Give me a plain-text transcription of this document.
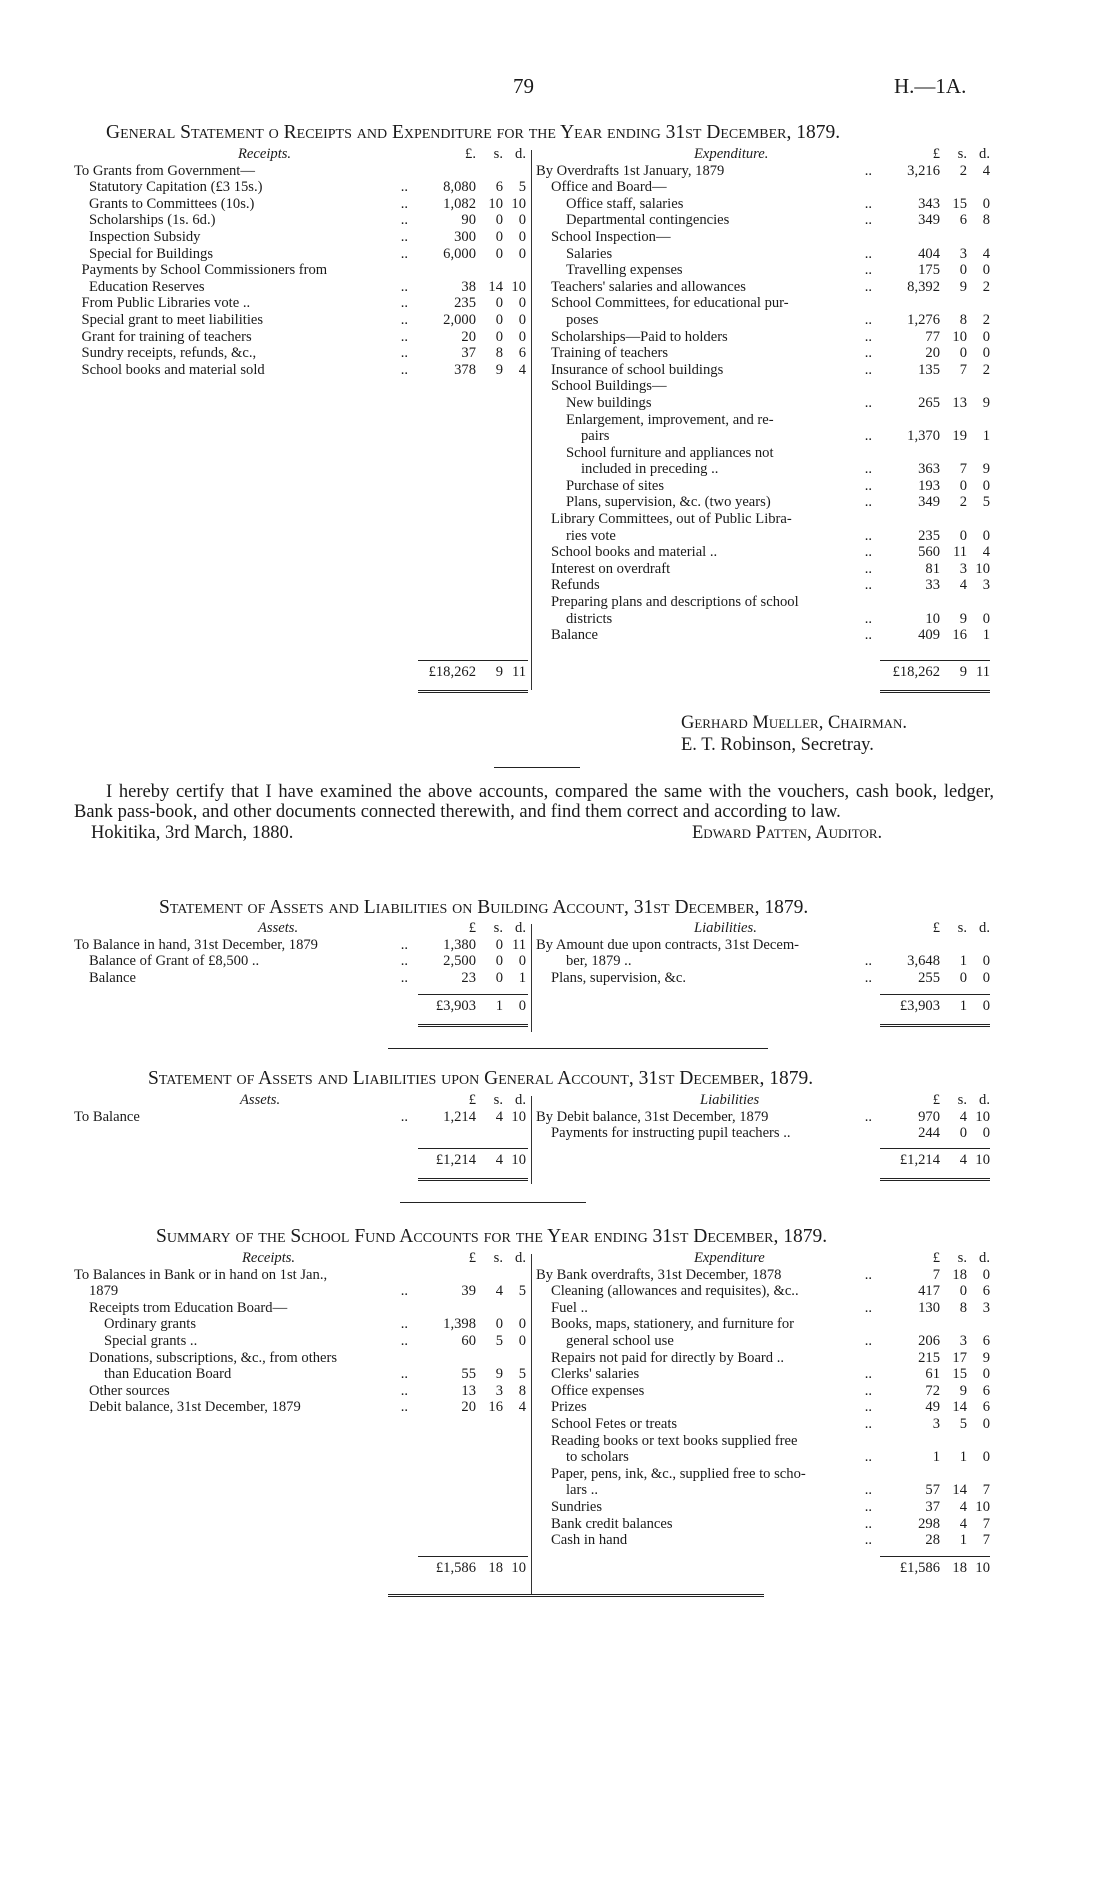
79	H.—1A.
General Statement o Receipts and Expenditure for the Year ending 31st December, 1879.
Receipts.	£.	s. d.
To Grants from Government—
Statutory Capitation (£3 15s.)	..	8,080	6	5
Grants to Committees (10s.)	..	1,082 10 10
Scholarships (1s. 6d.)	..	90	0	0
Inspection Subsidy	..	300	0	0
Special for Buildings	..	6,000	0	0
Payments by School Commissioners from
Education Reserves	..	38 14 10
From Public Libraries vote ..	..	235	0	0
Special grant to meet liabilities	..	2,000	0	0
Grant for training of teachers	..	20	0	0
Sundry receipts, refunds, &c.,	..	37	8	6
School books and material sold	..	378	9	4
Expenditure.	£	s. d.
By Overdrafts 1st January, 1879	..	3,216	2	4
Office and Board—
Office staff, salaries	..	343 15	0
Departmental contingencies	..	349	6	8
School Inspection—
Salaries	..	404	3	4
Travelling expenses	..	175	0	0
Teachers' salaries and allowances	..	8,392	9	2
School Committees, for educational pur-
poses	..	1,276	8	2
Scholarships—Paid to holders	..	77 10	0
Training of teachers	..	20	0	0
Insurance of school buildings	..	135	7	2
School Buildings—
New buildings	..	265 13	9
Enlargement, improvement, and re-
pairs	..	1,370 19	1
School furniture and appliances not
included in preceding ..	..	363	7	9
Purchase of sites	..	193	0	0
Plans, supervision, &c. (two years)	..	349	2	5
Library Committees, out of Public Libra-
ries vote	..	235	0	0
School books and material ..	..	560 11	4
Interest on overdraft	..	81	3 10
Refunds	..	33	4	3
Preparing plans and descriptions of school
districts	..	10	9	0
Balance	..	409 16	1
£18,262	9 11	£18,262	9 11
Gerhard Mueller, Chairman.
E. T. Robinson, Secretray.

I hereby certify that I have examined the above accounts, compared the same with the vouchers, cash book, ledger, Bank pass-book, and other documents connected therewith, and find them correct and according to law.

Hokitika, 3rd March, 1880.	Edward Patten, Auditor.
Statement of Assets and Liabilities on Building Account, 31st December, 1879.
Assets.	£	s. d.
To Balance in hand, 31st December, 1879	..	1,380	0 11
Balance of Grant of £8,500 ..	..	2,500	0	0
Balance	..	23	0	1
Liabilities.	£	s. d.
By Amount due upon contracts, 31st Decem-
ber, 1879 ..	..	3,648	1	0
Plans, supervision, &c.	..	255	0	0
£3,903	1	0	£3,903	1	0
Statement of Assets and Liabilities upon General Account, 31st December, 1879.
Assets.	£	s. d.
To Balance	..	1,214	4 10
Liabilities	£	s. d.
By Debit balance, 31st December, 1879	..	970	4 10
Payments for instructing pupil teachers ..	244	0	0
£1,214	4 10	£1,214	4 10
Summary of the School Fund Accounts for the Year ending 31st December, 1879.
Receipts.	£	s. d.
To Balances in Bank or in hand on 1st Jan.,
1879	..	39	4	5
Receipts trom Education Board—
Ordinary grants	..	1,398	0	0
Special grants ..	..	60	5	0
Donations, subscriptions, &c., from others
than Education Board	..	55	9	5
Other sources	..	13	3	8
Debit balance, 31st December, 1879	..	20 16	4
Expenditure	£	s. d.
By Bank overdrafts, 31st December, 1878	..	7 18	0
Cleaning (allowances and requisites), &c..	417	0	6
Fuel ..	..	130	8	3
Books, maps, stationery, and furniture for
general school use	..	206	3	6
Repairs not paid for directly by Board ..	215 17	9
Clerks' salaries	..	61 15	0
Office expenses	..	72	9	6
Prizes	..	49 14	6
School Fetes or treats	..	3	5	0
Reading books or text books supplied free
to scholars	..	1	1	0
Paper, pens, ink, &c., supplied free to scho-
lars ..	..	57 14	7
Sundries	..	37	4 10
Bank credit balances	..	298	4	7
Cash in hand	..	28	1	7
£1,586 18 10	£1,586 18 10
